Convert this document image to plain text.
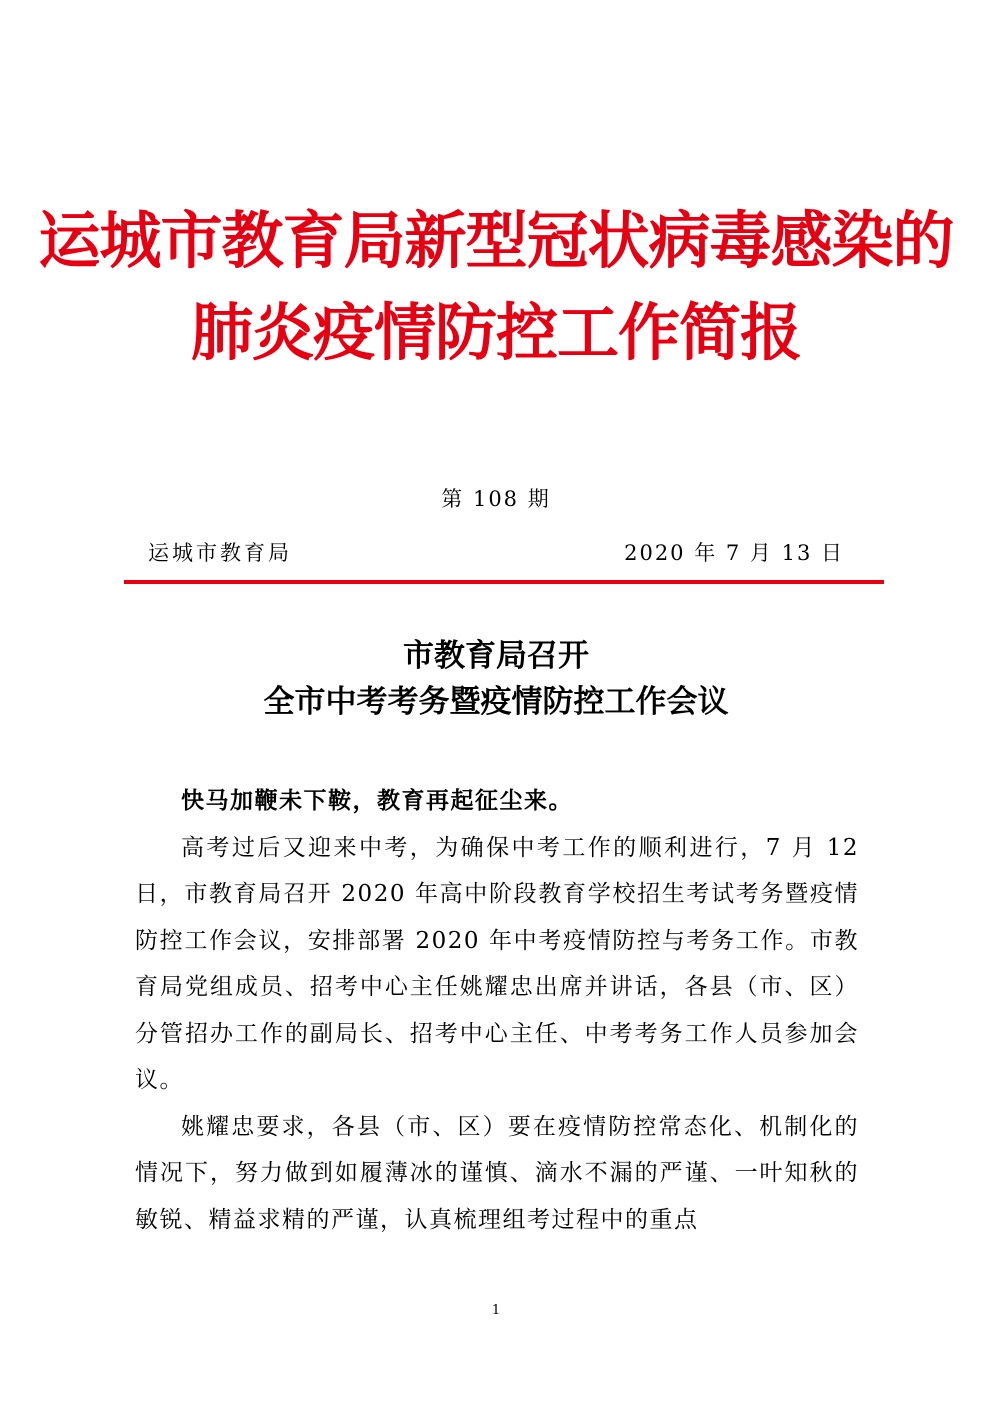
运城市教育局新型冠状病毒感染的
肺炎疫情防控工作简报
第 108 期
运城市教育局	2020 年 7 月 13 日
市教育局召开
全市中考考务暨疫情防控工作会议

快马加鞭未下鞍，教育再起征尘来。

高考过后又迎来中考，为确保中考工作的顺利进行，7 月 12 日，市教育局召开 2020 年高中阶段教育学校招生考试考务暨疫情防控工作会议，安排部署 2020 年中考疫情防控与考务工作。市教育局党组成员、招考中心主任姚耀忠出席并讲话，各县（市、区）分管招办工作的副局长、招考中心主任、中考考务工作人员参加会议。

姚耀忠要求，各县（市、区）要在疫情防控常态化、机制化的情况下，努力做到如履薄冰的谨慎、滴水不漏的严谨、一叶知秋的敏锐、精益求精的严谨，认真梳理组考过程中的重点

1
